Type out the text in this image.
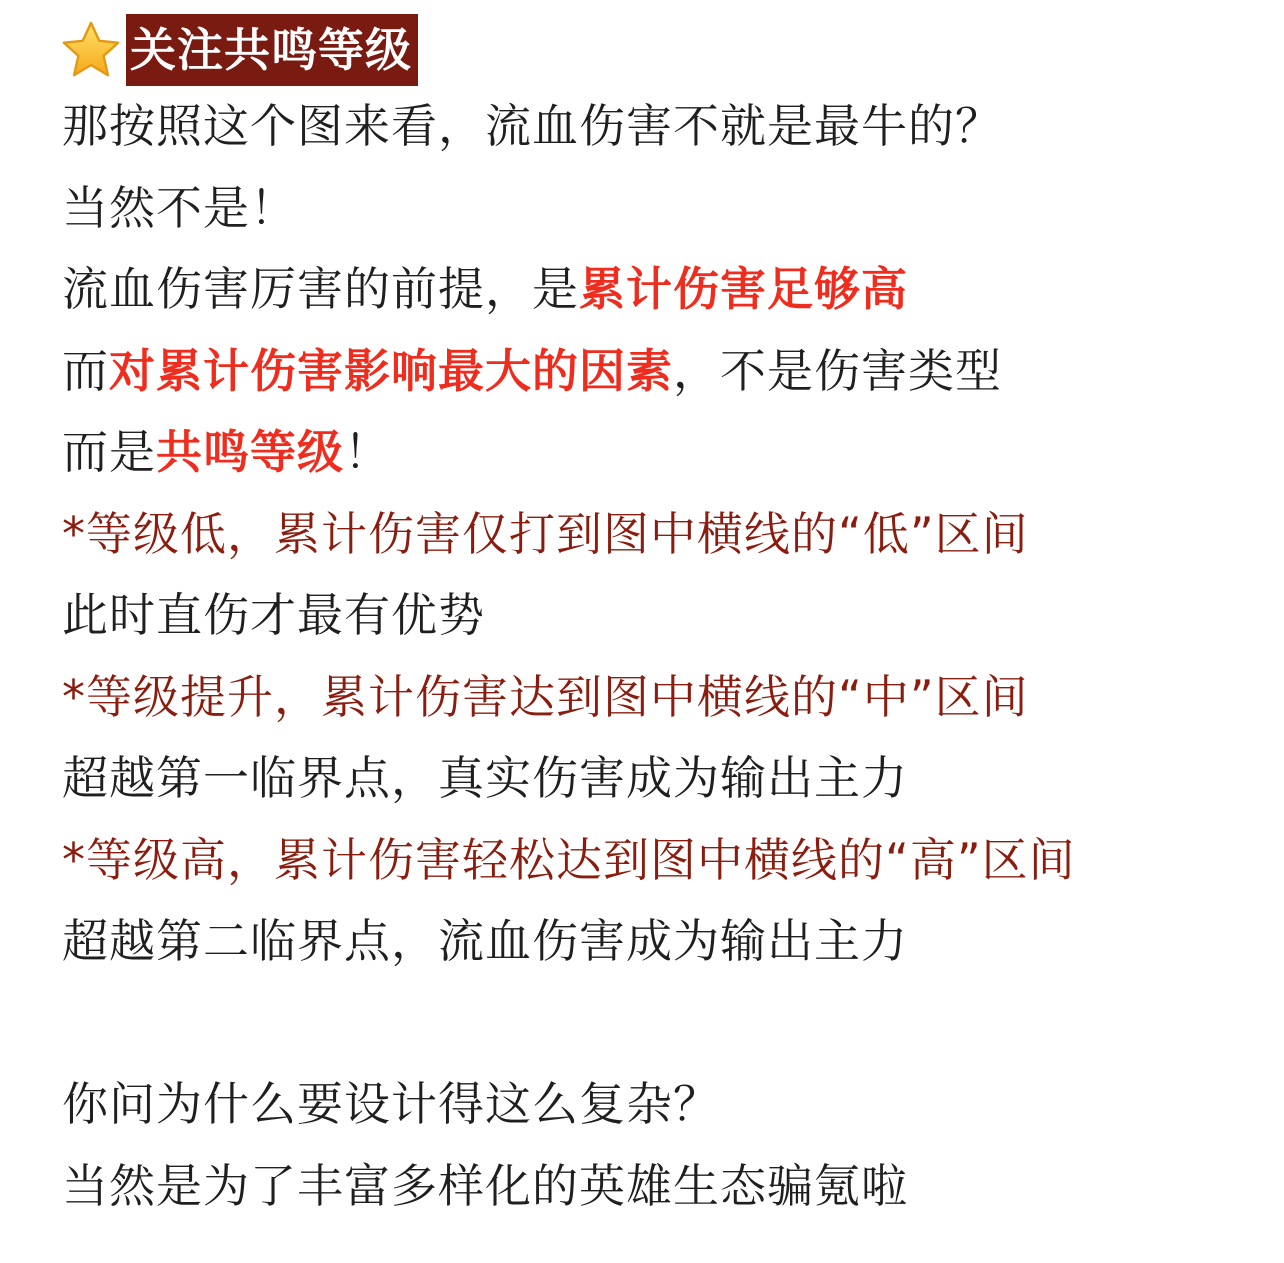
关注共鸣等级
那按照这个图来看，流血伤害不就是最牛的？
当然不是！
流血伤害厉害的前提，是累计伤害足够高
而对累计伤害影响最大的因素，不是伤害类型
而是共鸣等级！
*等级低，累计伤害仅打到图中横线的“低”区间
此时直伤才最有优势
*等级提升，累计伤害达到图中横线的“中”区间
超越第一临界点，真实伤害成为输出主力
*等级高，累计伤害轻松达到图中横线的“高”区间
超越第二临界点，流血伤害成为输出主力
你问为什么要设计得这么复杂？
当然是为了丰富多样化的英雄生态骗氪啦
